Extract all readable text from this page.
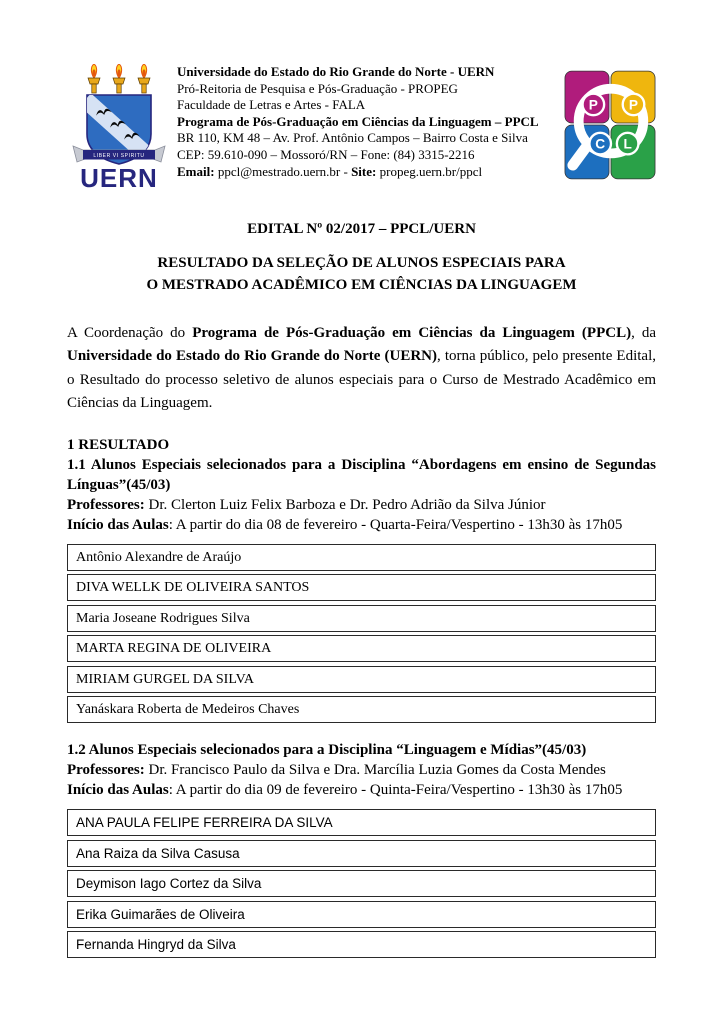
LIBER VI SPIRITU
UERN
Universidade do Estado do Rio Grande do Norte - UERN
Pró-Reitoria de Pesquisa e Pós-Graduação - PROPEG
Faculdade de Letras e Artes - FALA
Programa de Pós-Graduação em Ciências da Linguagem – PPCL
BR 110, KM 48 – Av. Prof. Antônio Campos – Bairro Costa e Silva
CEP: 59.610-090 – Mossoró/RN – Fone: (84) 3315-2216
Email: ppcl@mestrado.uern.br - Site: propeg.uern.br/ppcl
P P
C L
EDITAL Nº 02/2017 – PPCL/UERN
RESULTADO DA SELEÇÃO DE ALUNOS ESPECIAIS PARA
O MESTRADO ACADÊMICO EM CIÊNCIAS DA LINGUAGEM

A Coordenação do Programa de Pós-Graduação em Ciências da Linguagem (PPCL), da Universidade do Estado do Rio Grande do Norte (UERN), torna público, pelo presente Edital, o Resultado do processo seletivo de alunos especiais para o Curso de Mestrado Acadêmico em Ciências da Linguagem.

1 RESULTADO
1.1 Alunos Especiais selecionados para a Disciplina “Abordagens em ensino de Segundas Línguas”(45/03)
Professores: Dr. Clerton Luiz Felix Barboza e Dr. Pedro Adrião da Silva Júnior
Início das Aulas: A partir do dia 08 de fevereiro - Quarta-Feira/Vespertino - 13h30 às 17h05
Antônio Alexandre de Araújo
DIVA WELLK DE OLIVEIRA SANTOS
Maria Joseane Rodrigues Silva
MARTA REGINA DE OLIVEIRA
MIRIAM GURGEL DA SILVA
Yanáskara Roberta de Medeiros Chaves
1.2 Alunos Especiais selecionados para a Disciplina “Linguagem e Mídias”(45/03)
Professores: Dr. Francisco Paulo da Silva e Dra. Marcília Luzia Gomes da Costa Mendes
Início das Aulas: A partir do dia 09 de fevereiro - Quinta-Feira/Vespertino - 13h30 às 17h05
ANA PAULA FELIPE FERREIRA DA SILVA
Ana Raiza da Silva Casusa
Deymison Iago Cortez da Silva
Erika Guimarães de Oliveira
Fernanda Hingryd da Silva
